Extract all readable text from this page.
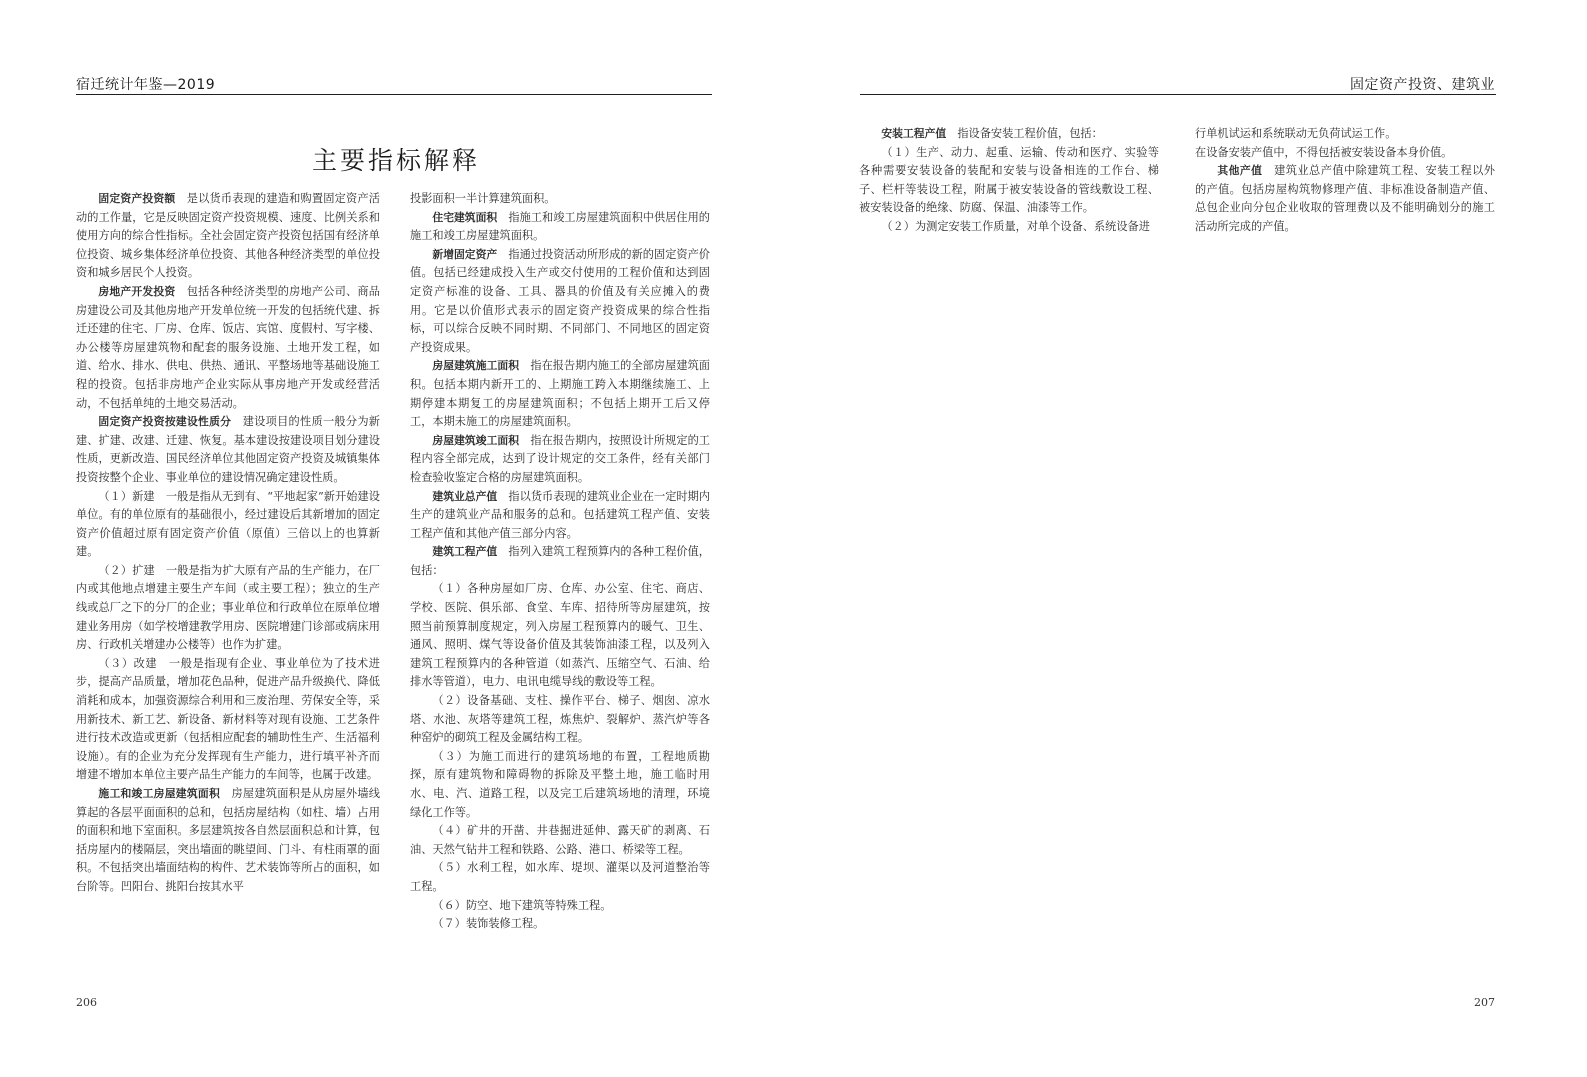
宿迁统计年鉴—2019
主要指标解释

固定资产投资额 是以货币表现的建造和购置固定资产活动的工作量，它是反映固定资产投资规模、速度、比例关系和使用方向的综合性指标。全社会固定资产投资包括国有经济单位投资、城乡集体经济单位投资、其他各种经济类型的单位投资和城乡居民个人投资。

房地产开发投资 包括各种经济类型的房地产公司、商品房建设公司及其他房地产开发单位统一开发的包括统代建、拆迁还建的住宅、厂房、仓库、饭店、宾馆、度假村、写字楼、办公楼等房屋建筑物和配套的服务设施、土地开发工程，如道、给水、排水、供电、供热、通讯、平整场地等基础设施工程的投资。包括非房地产企业实际从事房地产开发或经营活动，不包括单纯的土地交易活动。

固定资产投资按建设性质分 建设项目的性质一般分为新建、扩建、改建、迁建、恢复。基本建设按建设项目划分建设性质，更新改造、国民经济单位其他固定资产投资及城镇集体投资按整个企业、事业单位的建设情况确定建设性质。

（１）新建　一般是指从无到有、“平地起家”新开始建设单位。有的单位原有的基础很小，经过建设后其新增加的固定资产价值超过原有固定资产价值（原值）三倍以上的也算新建。

（２）扩建　一般是指为扩大原有产品的生产能力，在厂内或其他地点增建主要生产车间（或主要工程）；独立的生产线或总厂之下的分厂的企业；事业单位和行政单位在原单位增建业务用房（如学校增建教学用房、医院增建门诊部或病床用房、行政机关增建办公楼等）也作为扩建。

（３）改建　一般是指现有企业、事业单位为了技术进步，提高产品质量，增加花色品种，促进产品升级换代、降低消耗和成本，加强资源综合利用和三废治理、劳保安全等，采用新技术、新工艺、新设备、新材料等对现有设施、工艺条件进行技术改造或更新（包括相应配套的辅助性生产、生活福利设施）。有的企业为充分发挥现有生产能力，进行填平补齐而增建不增加本单位主要产品生产能力的车间等，也属于改建。

施工和竣工房屋建筑面积 房屋建筑面积是从房屋外墙线算起的各层平面面积的总和，包括房屋结构（如柱、墙）占用的面积和地下室面积。多层建筑按各自然层面积总和计算，包括房屋内的楼隔层，突出墙面的眺望间、门斗、有柱雨罩的面积。不包括突出墙面结构的构件、艺术装饰等所占的面积，如台阶等。凹阳台、挑阳台按其水平

投影面积一半计算建筑面积。

住宅建筑面积 指施工和竣工房屋建筑面积中供居住用的施工和竣工房屋建筑面积。

新增固定资产 指通过投资活动所形成的新的固定资产价值。包括已经建成投入生产或交付使用的工程价值和达到固定资产标准的设备、工具、器具的价值及有关应摊入的费用。它是以价值形式表示的固定资产投资成果的综合性指标，可以综合反映不同时期、不同部门、不同地区的固定资产投资成果。

房屋建筑施工面积 指在报告期内施工的全部房屋建筑面积。包括本期内新开工的、上期施工跨入本期继续施工、上期停建本期复工的房屋建筑面积；不包括上期开工后又停工，本期未施工的房屋建筑面积。

房屋建筑竣工面积 指在报告期内，按照设计所规定的工程内容全部完成，达到了设计规定的交工条件，经有关部门检查验收鉴定合格的房屋建筑面积。

建筑业总产值 指以货币表现的建筑业企业在一定时期内生产的建筑业产品和服务的总和。包括建筑工程产值、安装工程产值和其他产值三部分内容。

建筑工程产值 指列入建筑工程预算内的各种工程价值，包括：

（１）各种房屋如厂房、仓库、办公室、住宅、商店、学校、医院、俱乐部、食堂、车库、招待所等房屋建筑，按照当前预算制度规定，列入房屋工程预算内的暖气、卫生、通风、照明、煤气等设备价值及其装饰油漆工程，以及列入建筑工程预算内的各种管道（如蒸汽、压缩空气、石油、给排水等管道），电力、电讯电缆导线的敷设等工程。

（２）设备基础、支柱、操作平台、梯子、烟囱、凉水塔、水池、灰塔等建筑工程，炼焦炉、裂解炉、蒸汽炉等各种窑炉的砌筑工程及金属结构工程。

（３）为施工而进行的建筑场地的布置，工程地质勘探，原有建筑物和障碍物的拆除及平整土地，施工临时用水、电、汽、道路工程，以及完工后建筑场地的清理，环境绿化工作等。

（４）矿井的开凿、井巷掘进延伸、露天矿的剥离、石油、天然气钻井工程和铁路、公路、港口、桥梁等工程。

（５）水利工程，如水库、堤坝、灌渠以及河道整治等工程。

（６）防空、地下建筑等特殊工程。

（７）装饰装修工程。

206
固定资产投资、建筑业

安装工程产值 指设备安装工程价值，包括：

（１）生产、动力、起重、运输、传动和医疗、实验等各种需要安装设备的装配和安装与设备相连的工作台、梯子、栏杆等装设工程，附属于被安装设备的管线敷设工程、被安装设备的绝缘、防腐、保温、油漆等工作。

（２）为测定安装工作质量，对单个设备、系统设备进

行单机试运和系统联动无负荷试运工作。

在设备安装产值中，不得包括被安装设备本身价值。

其他产值 建筑业总产值中除建筑工程、安装工程以外的产值。包括房屋构筑物修理产值、非标准设备制造产值、总包企业向分包企业收取的管理费以及不能明确划分的施工活动所完成的产值。

207
